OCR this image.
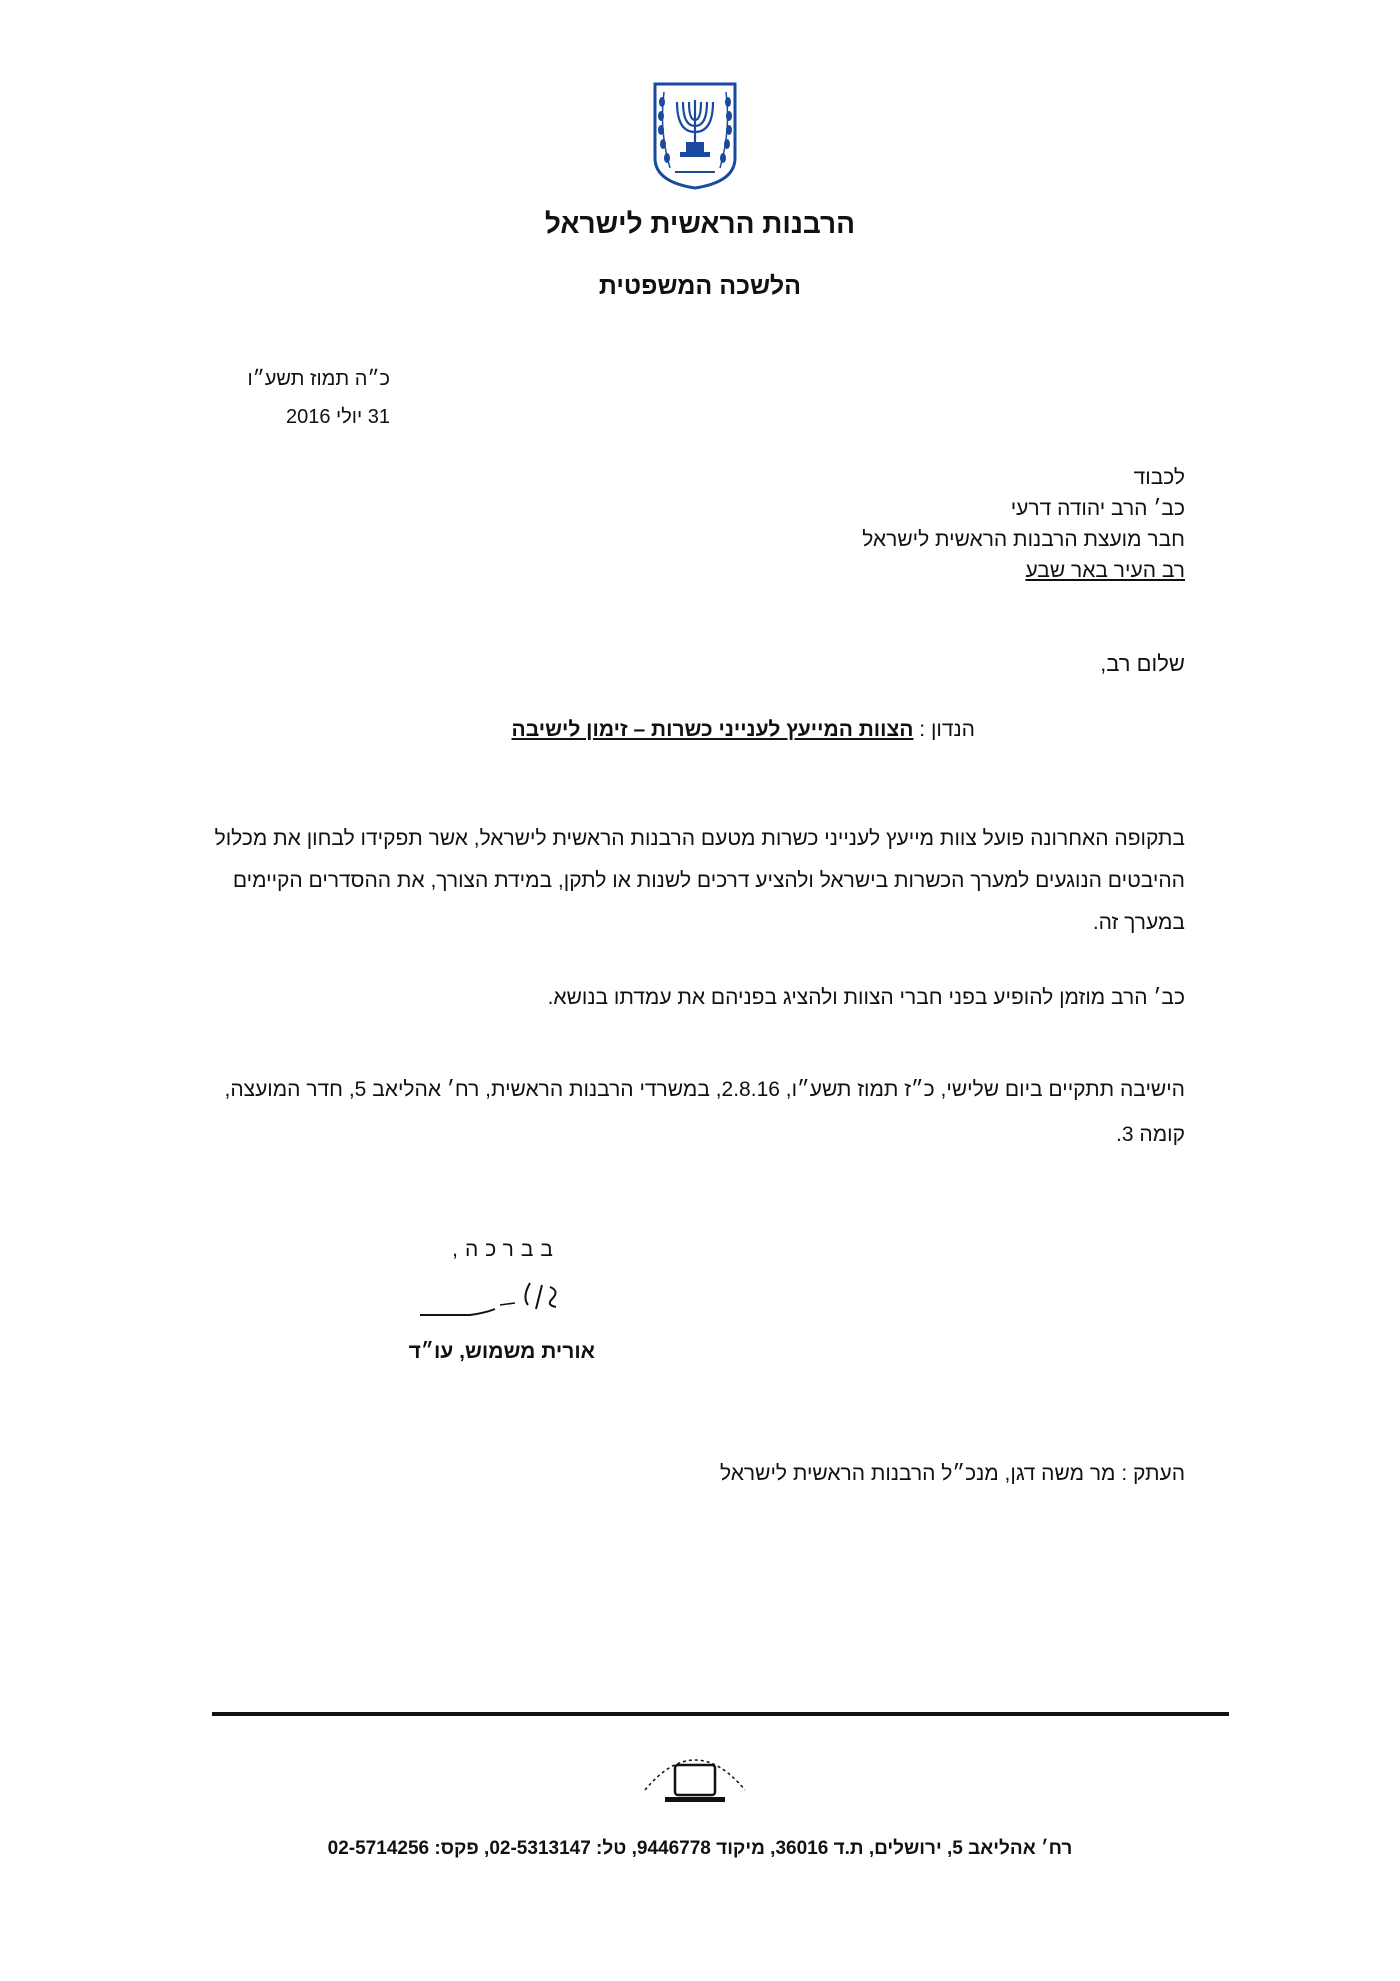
הרבנות הראשית לישראל
הלשכה המשפטית
כ״ה תמוז תשע״ו
31 יולי 2016
לכבוד
כב׳ הרב יהודה דרעי
חבר מועצת הרבנות הראשית לישראל
רב העיר באר שבע
שלום רב,
הנדון : הצוות המייעץ לענייני כשרות – זימון לישיבה
בתקופה האחרונה פועל צוות מייעץ לענייני כשרות מטעם הרבנות הראשית לישראל, אשר תפקידו לבחון את מכלול ההיבטים הנוגעים למערך הכשרות בישראל ולהציע דרכים לשנות או לתקן, במידת הצורך, את ההסדרים הקיימים במערך זה.
כב׳ הרב מוזמן להופיע בפני חברי הצוות ולהציג בפניהם את עמדתו בנושא.
הישיבה תתקיים ביום שלישי, כ״ז תמוז תשע״ו, 2.8.16, במשרדי הרבנות הראשית, רח׳ אהליאב 5, חדר המועצה, קומה 3.
בברכה,
אורית משמוש, עו״ד
העתק : מר משה דגן, מנכ״ל הרבנות הראשית לישראל
רח׳ אהליאב 5, ירושלים, ת.ד 36016, מיקוד 9446778, טל: 02-5313147, פקס: 02-5714256
